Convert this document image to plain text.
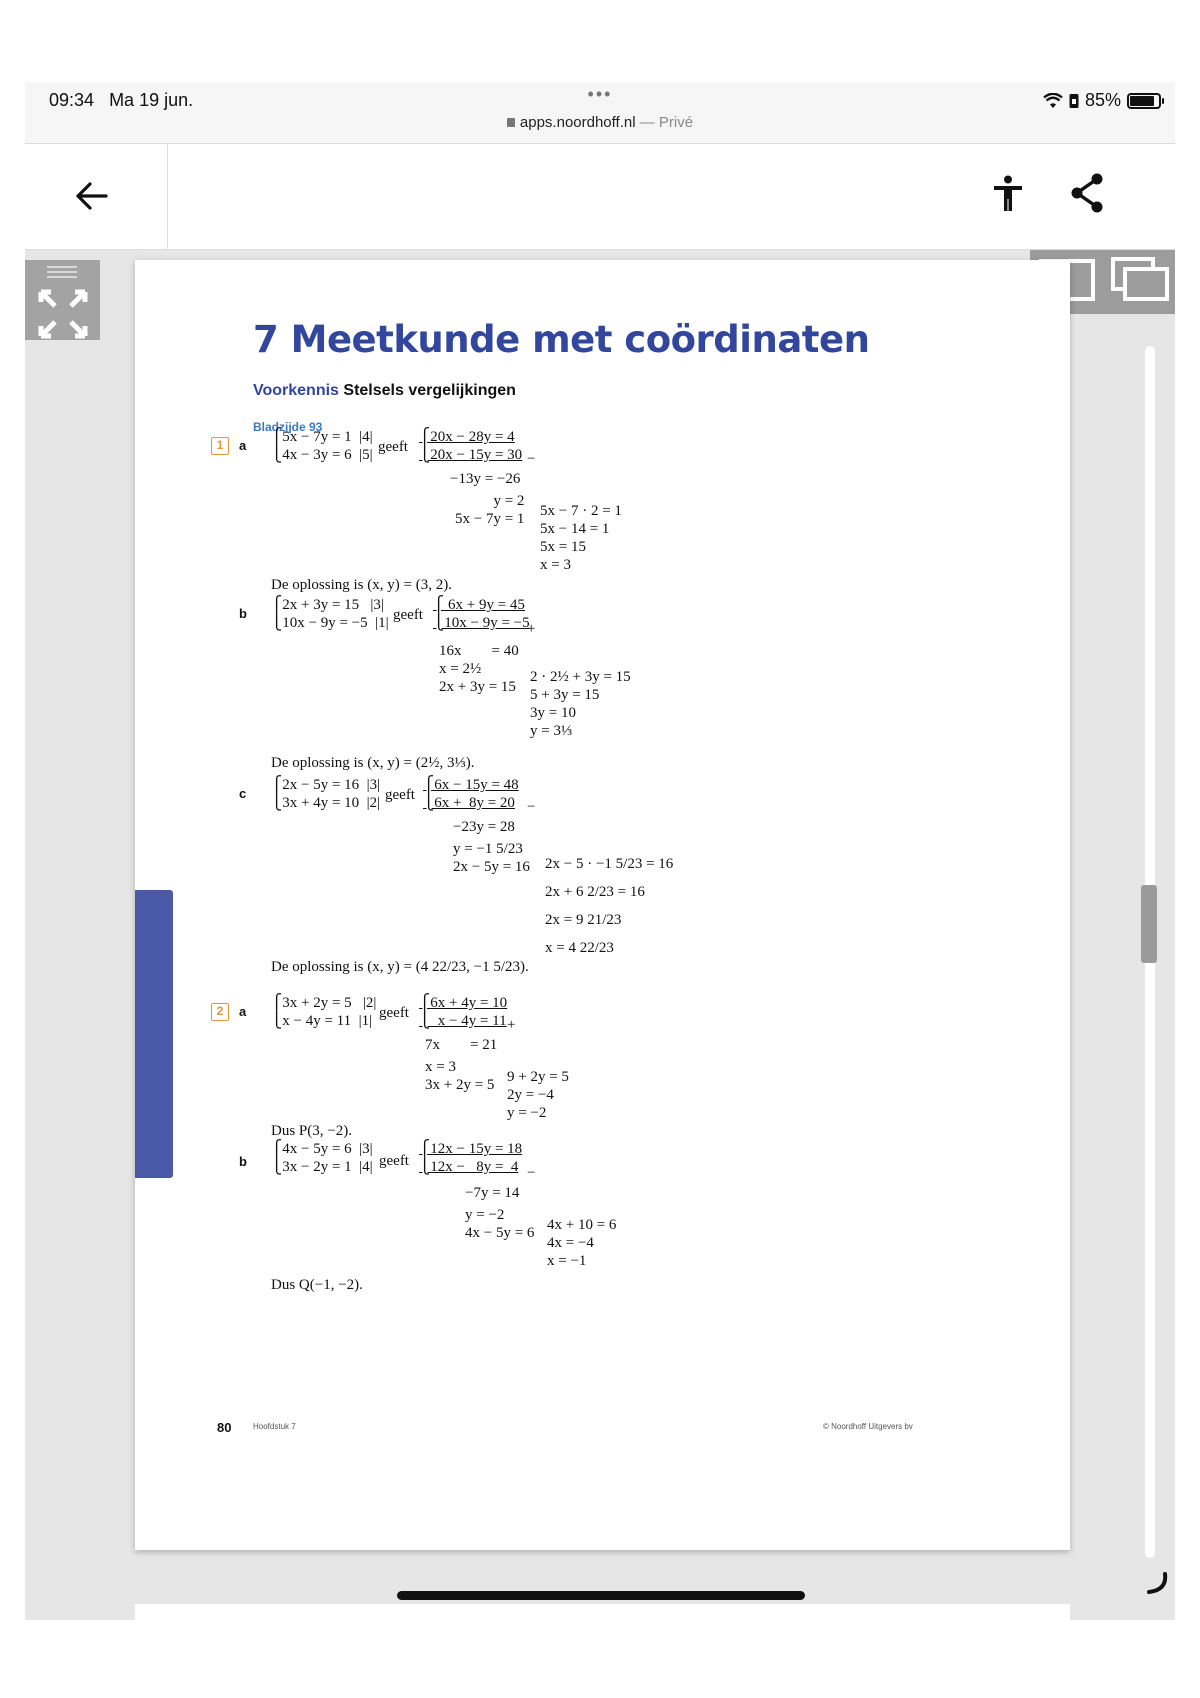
09:34 Ma 19 jun.	•••
apps.noordhoff.nl — Privé
85%
7 Meetkunde met coördinaten
Voorkennis Stelsels vergelijkingen
Bladzijde 93
1	a
⎧5x − 7y = 1  |4|
⎩4x − 3y = 6  |5| geeft
⎧20x − 28y = 4
⎩20x − 15y = 30 −
−13y = −26
y = 2
5x − 7y = 1 5x − 7 · 2 = 1
5x − 14 = 1
5x = 15
x = 3
De oplossing is (x, y) = (3, 2).
b
⎧2x + 3y = 15   |3|
⎩10x − 9y = −5  |1| geeft
⎧ 6x + 9y = 45
⎩10x − 9y = −5
+
16x        = 40
x = 2½
2x + 3y = 15
2 · 2½ + 3y = 15
5 + 3y = 15
3y = 10
y = 3⅓
De oplossing is (x, y) = (2½, 3⅓).
c
⎧2x − 5y = 16  |3|
⎩3x + 4y = 10  |2| geeft
⎧6x − 15y = 48
⎩6x +  8y = 20 −
−23y = 28
y = −1 5/23
2x − 5y = 16 2x − 5 · −1 5/23 = 16
2x + 6 2/23 = 16
2x = 9 21/23
x = 4 22/23
De oplossing is (x, y) = (4 22/23, −1 5/23).
2	a
⎧3x + 2y = 5   |2|
⎩x − 4y = 11  |1| geeft
⎧6x + 4y = 10
⎩  x − 4y = 11 +
7x        = 21
x = 3
3x + 2y = 5 9 + 2y = 5
2y = −4
y = −2
Dus P(3, −2).
b
⎧4x − 5y = 6  |3|
⎩3x − 2y = 1  |4| geeft
⎧12x − 15y = 18
⎩12x −   8y =  4 −
−7y = 14
y = −2
4x − 5y = 6 4x + 10 = 6
4x = −4
x = −1
Dus Q(−1, −2).
80	Hoofdstuk 7	© Noordhoff Uitgevers bv
